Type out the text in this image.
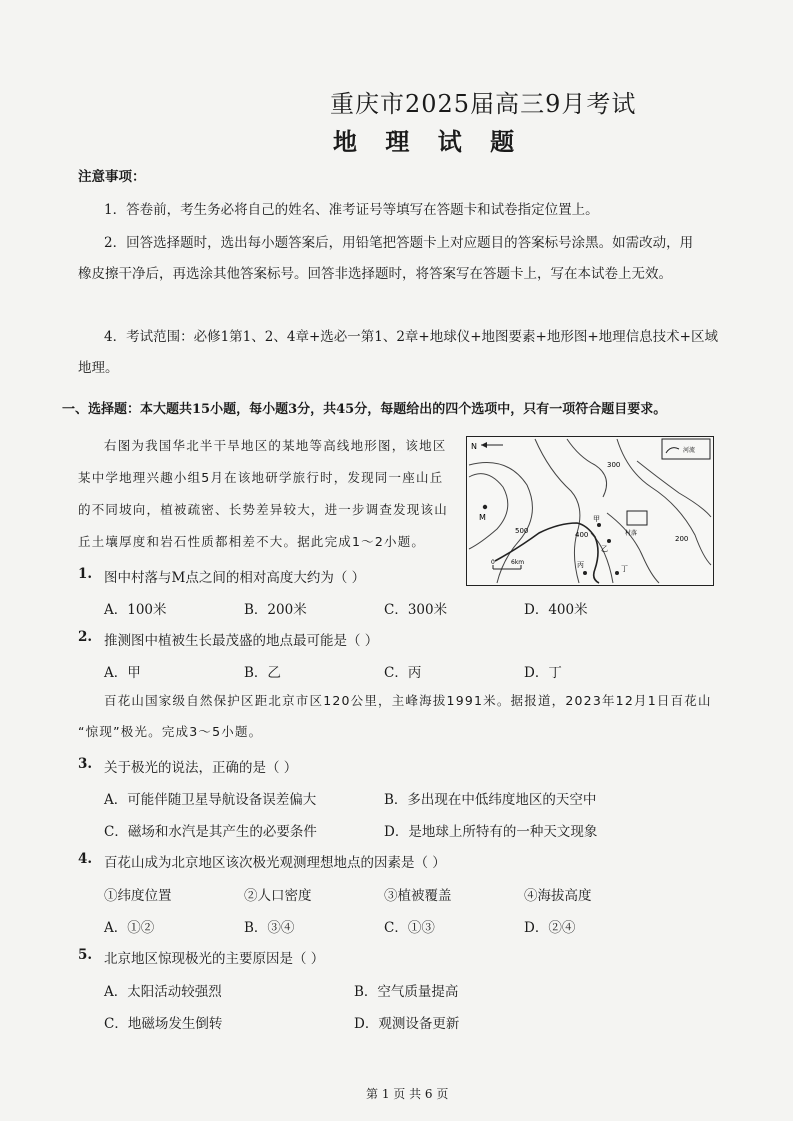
重庆市2025届高三9月考试
地 理 试 题
注意事项：
1．答卷前，考生务必将自己的姓名、准考证号等填写在答题卡和试卷指定位置上。
2．回答选择题时，选出每小题答案后，用铅笔把答题卡上对应题目的答案标号涂黑。如需改动，用
橡皮擦干净后，再选涂其他答案标号。回答非选择题时，将答案写在答题卡上，写在本试卷上无效。
4．考试范围：必修1第1、2、4章+选必一第1、2章+地球仪+地图要素+地形图+地理信息技术+区域
地理。
一、选择题：本大题共15小题，每小题3分，共45分，每题给出的四个选项中，只有一项符合题目要求。
右图为我国华北半干旱地区的某地等高线地形图，该地区
某中学地理兴趣小组5月在该地研学旅行时，发现同一座山丘
的不同坡向，植被疏密、长势差异较大，进一步调查发现该山
丘土壤厚度和岩石性质都相差不大。据此完成1～2小题。
N	河流
M
500	400
300
200
村落
甲
乙
丙	丁
0	6km
1. 图中村落与M点之间的相对高度大约为（ ）
A．100米	B．200米	C．300米	D．400米
2. 推测图中植被生长最茂盛的地点最可能是（ ）
A．甲	B．乙	C．丙	D．丁
百花山国家级自然保护区距北京市区120公里，主峰海拔1991米。据报道，2023年12月1日百花山
“惊现”极光。完成3～5小题。
3. 关于极光的说法，正确的是（ ）
A．可能伴随卫星导航设备误差偏大	B．多出现在中低纬度地区的天空中
C．磁场和水汽是其产生的必要条件	D．是地球上所特有的一种天文现象
4. 百花山成为北京地区该次极光观测理想地点的因素是（ ）
①纬度位置	②人口密度	③植被覆盖	④海拔高度
A．①②	B．③④	C．①③	D．②④
5. 北京地区惊现极光的主要原因是（ ）
A．太阳活动较强烈	B．空气质量提高
C．地磁场发生倒转	D．观测设备更新
第 1 页 共 6 页
